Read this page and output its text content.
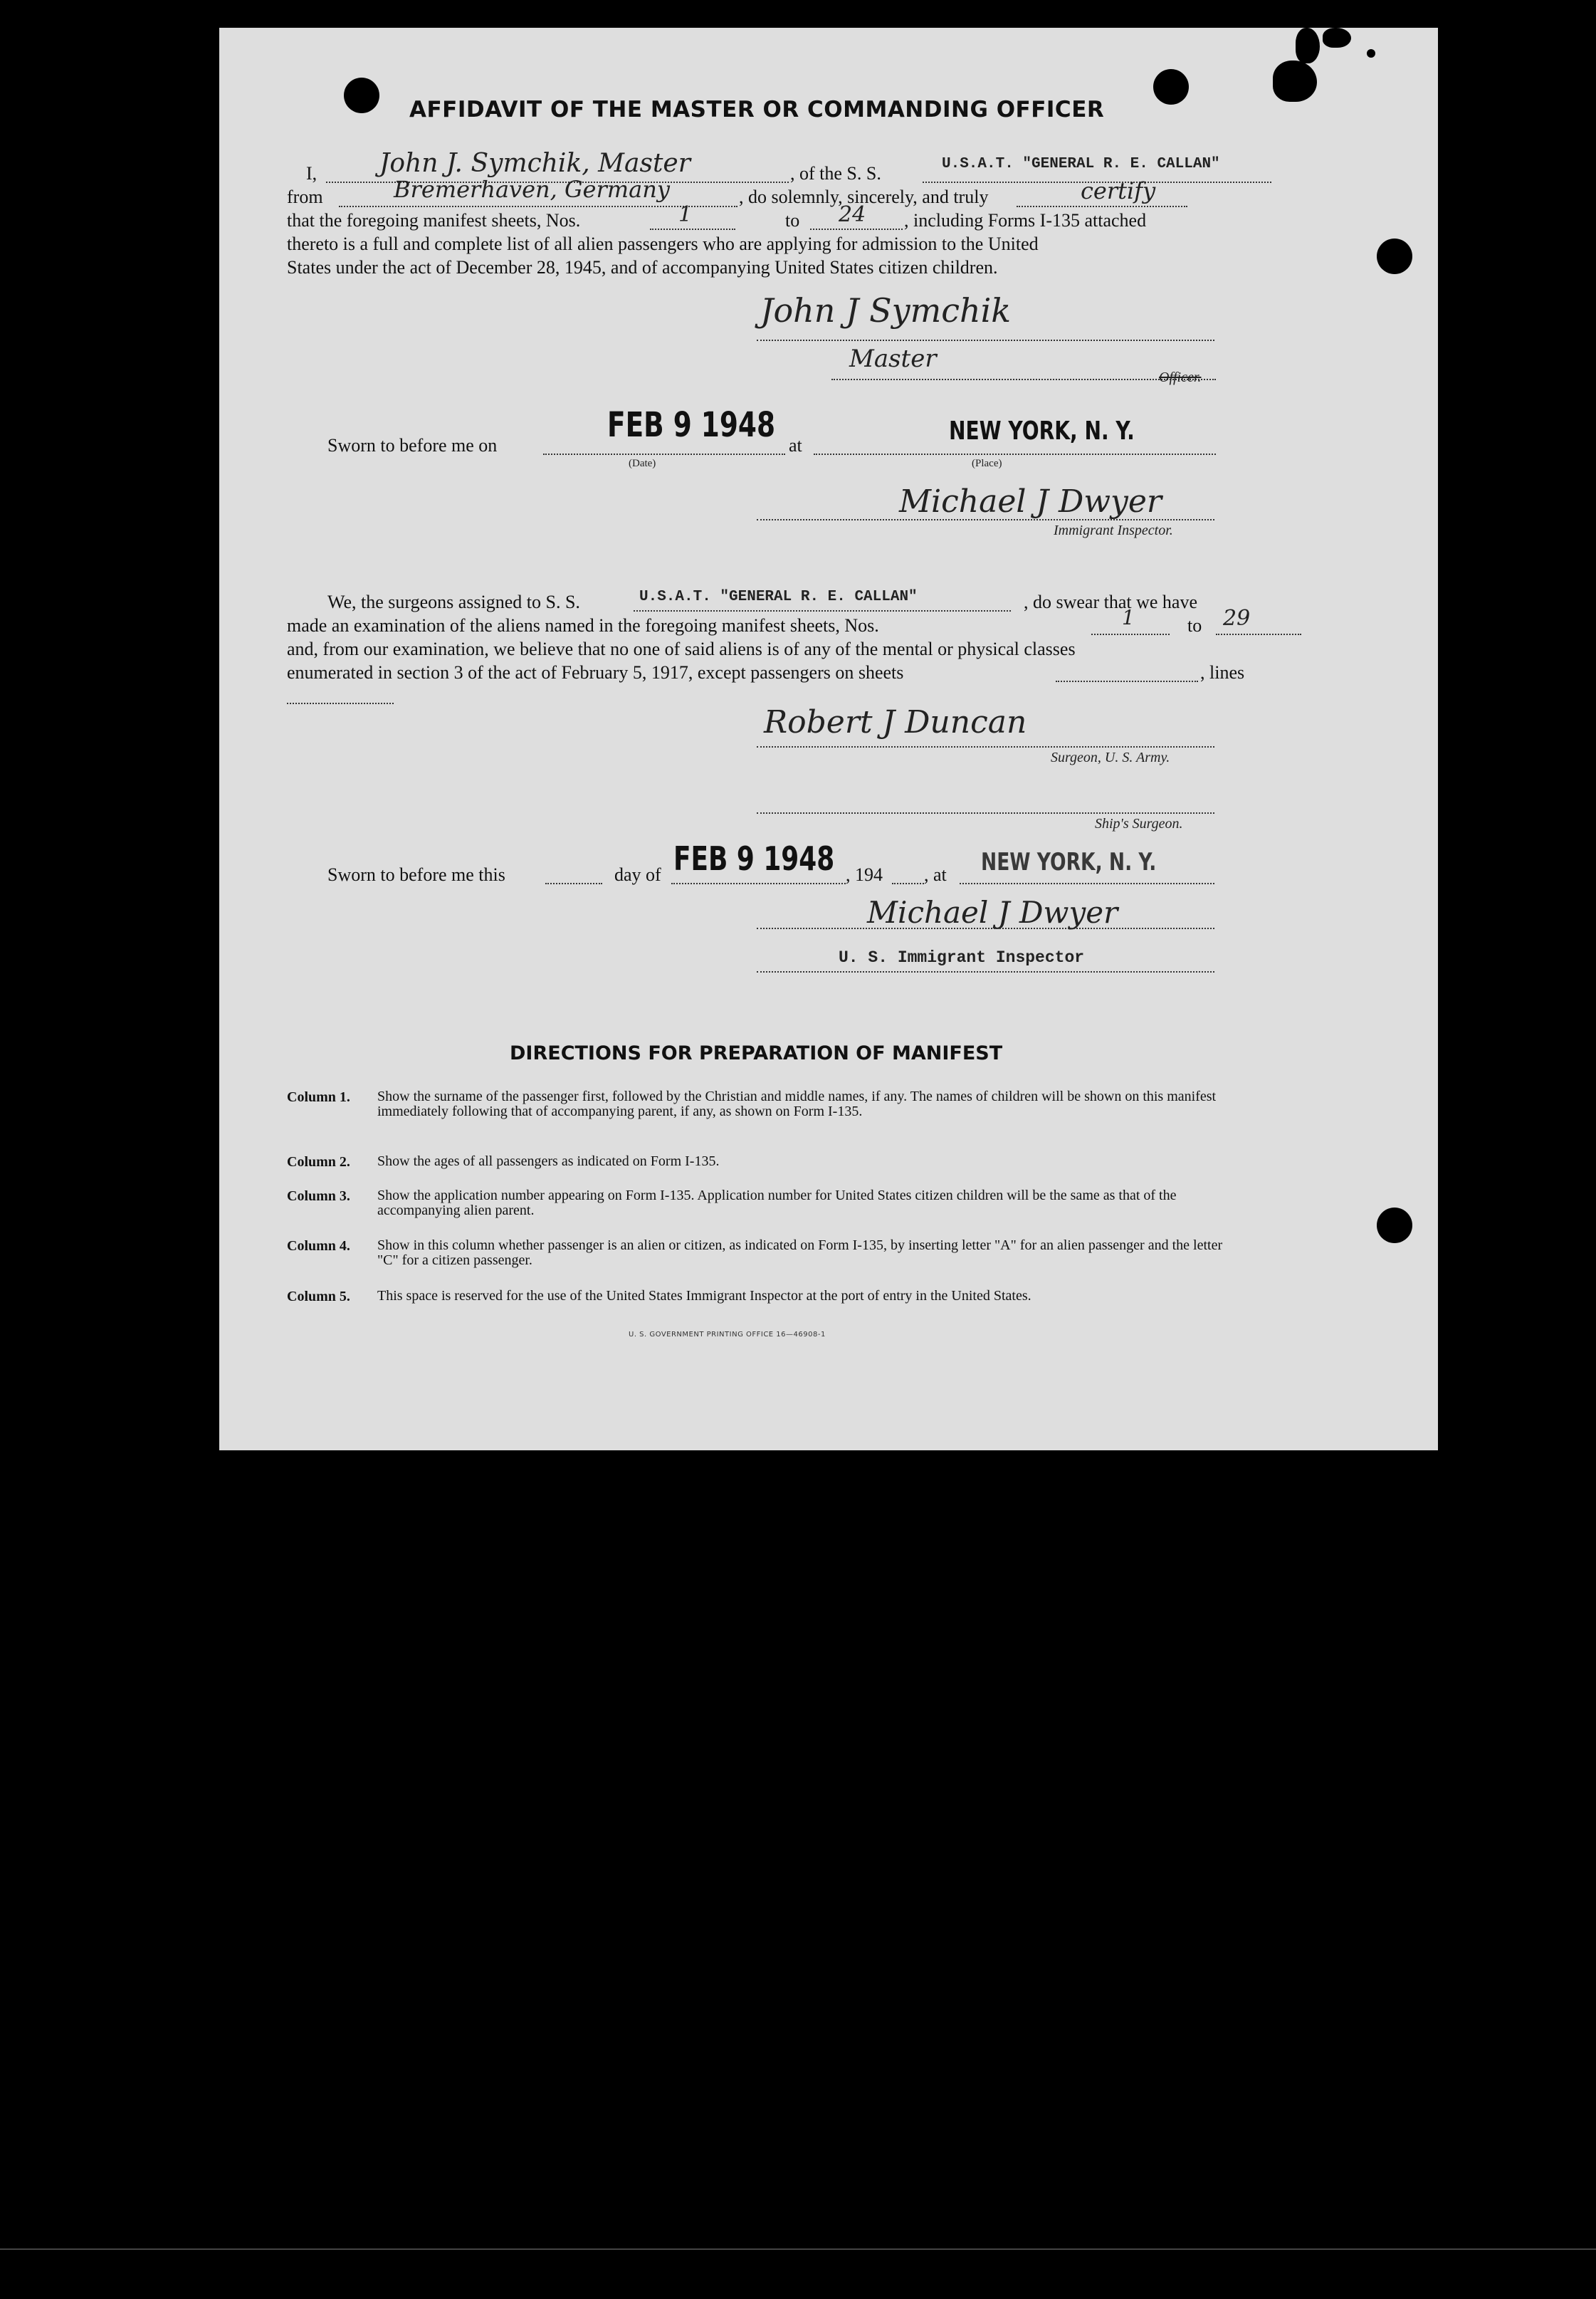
AFFIDAVIT OF THE MASTER OR COMMANDING OFFICER
I, John J. Symchik, Master	, of the S. S.	U.S.A.T. "GENERAL R. E. CALLAN"
from	Bremerhaven, Germany	, do solemnly, sincerely, and truly	certify
that the foregoing manifest sheets, Nos.	1	to 24 , including Forms I-135 attached
thereto is a full and complete list of all alien passengers who are applying for admission to the United
States under the act of December 28, 1945, and of accompanying United States citizen children.
John J Symchik
Master
Officer.
Sworn to before me on
FEB 9 1948
(Date)
at	NEW YORK, N. Y.
(Place)
Michael J Dwyer
Immigrant Inspector.
We, the surgeons assigned to S. S.	U.S.A.T. "GENERAL R. E. CALLAN"	, do swear that we have
made an examination of the aliens named in the foregoing manifest sheets, Nos.	1	to 29
and, from our examination, we believe that no one of said aliens is of any of the mental or physical classes
enumerated in section 3 of the act of February 5, 1917, except passengers on sheets	, lines
Robert J Duncan
Surgeon, U. S. Army.
Ship's Surgeon.
Sworn to before me this	day of FEB 9 1948 , 194 , at NEW YORK, N. Y.
Michael J Dwyer
U. S. Immigrant Inspector
DIRECTIONS FOR PREPARATION OF MANIFEST
Column 1. Show the surname of the passenger first, followed by the Christian and middle names, if any. The names of children will be shown on this manifest immediately following that of accompanying parent, if any, as shown on Form I-135.
Column 2. Show the ages of all passengers as indicated on Form I-135.
Column 3. Show the application number appearing on Form I-135. Application number for United States citizen children will be the same as that of the accompanying alien parent.
Column 4. Show in this column whether passenger is an alien or citizen, as indicated on Form I-135, by inserting letter "A" for an alien passenger and the letter "C" for a citizen passenger.
Column 5. This space is reserved for the use of the United States Immigrant Inspector at the port of entry in the United States.
U. S. GOVERNMENT PRINTING OFFICE 16—46908-1
